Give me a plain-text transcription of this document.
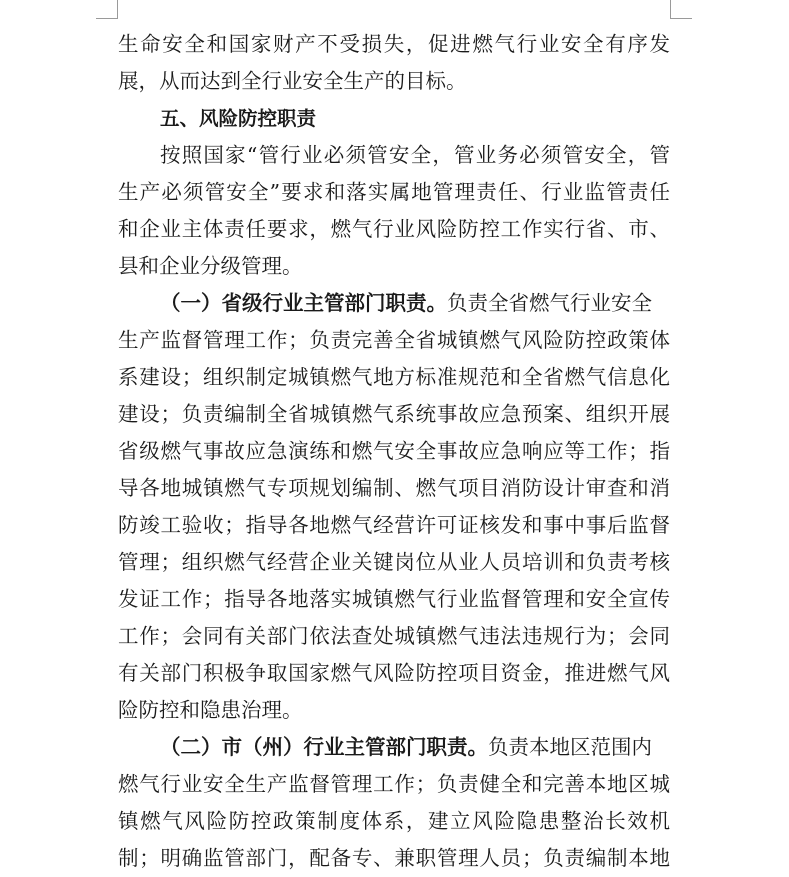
生命安全和国家财产不受损失，促进燃气行业安全有序发
展，从而达到全行业安全生产的目标。
五、风险防控职责
按照国家“管行业必须管安全，管业务必须管安全，管
生产必须管安全”要求和落实属地管理责任、行业监管责任
和企业主体责任要求，燃气行业风险防控工作实行省、市、
县和企业分级管理。
（一）省级行业主管部门职责。负责全省燃气行业安全
生产监督管理工作；负责完善全省城镇燃气风险防控政策体
系建设；组织制定城镇燃气地方标准规范和全省燃气信息化
建设；负责编制全省城镇燃气系统事故应急预案、组织开展
省级燃气事故应急演练和燃气安全事故应急响应等工作；指
导各地城镇燃气专项规划编制、燃气项目消防设计审查和消
防竣工验收；指导各地燃气经营许可证核发和事中事后监督
管理；组织燃气经营企业关键岗位从业人员培训和负责考核
发证工作；指导各地落实城镇燃气行业监督管理和安全宣传
工作；会同有关部门依法查处城镇燃气违法违规行为；会同
有关部门积极争取国家燃气风险防控项目资金，推进燃气风
险防控和隐患治理。
（二）市（州）行业主管部门职责。负责本地区范围内
燃气行业安全生产监督管理工作；负责健全和完善本地区城
镇燃气风险防控政策制度体系，建立风险隐患整治长效机
制；明确监管部门，配备专、兼职管理人员；负责编制本地
